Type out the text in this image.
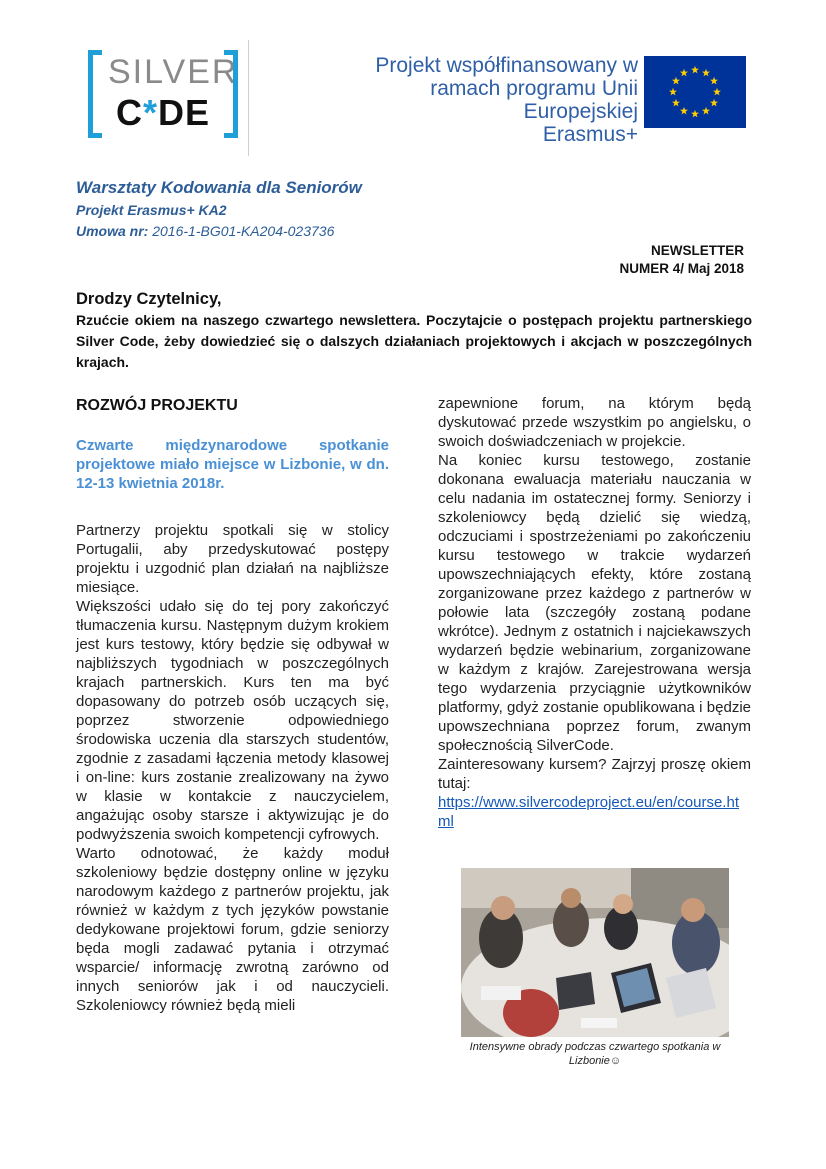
SILVER
C*DE
Projekt współfinansowany w
ramach programu Unii Europejskiej
Erasmus+
Warsztaty Kodowania dla Seniorów
Projekt Erasmus+ KA2
Umowa nr: 2016-1-BG01-KA204-023736
NEWSLETTER
NUMER 4/ Maj 2018
Drodzy Czytelnicy,
Rzućcie okiem na naszego czwartego newslettera. Poczytajcie o postępach projektu partnerskiego Silver Code, żeby dowiedzieć się o dalszych działaniach projektowych i akcjach w poszczególnych krajach.
ROZWÓJ PROJEKTU
Czwarte międzynarodowe spotkanie projektowe miało miejsce w Lizbonie, w dn. 12-13 kwietnia 2018r.

Partnerzy projektu spotkali się w stolicy Portugalii, aby przedyskutować postępy projektu i uzgodnić plan działań na najbliższe miesiące.

Większości udało się do tej pory zakończyć tłumaczenia kursu. Następnym dużym krokiem jest kurs testowy, który będzie się odbywał w najbliższych tygodniach w poszczególnych krajach partnerskich. Kurs ten ma być dopasowany do potrzeb osób uczących się, poprzez stworzenie odpowiedniego środowiska uczenia dla starszych studentów, zgodnie z zasadami łączenia metody klasowej i on-line: kurs zostanie zrealizowany na żywo w klasie w kontakcie z nauczycielem, angażując osoby starsze i aktywizując je do podwyższenia swoich kompetencji cyfrowych.

Warto odnotować, że każdy moduł szkoleniowy będzie dostępny online w języku narodowym każdego z partnerów projektu, jak również w każdym z tych języków powstanie dedykowane projektowi forum, gdzie seniorzy będa mogli zadawać pytania i otrzymać wsparcie/ informację zwrotną zarówno od innych seniorów jak i od nauczycieli. Szkoleniowcy również będą mieli

zapewnione forum, na którym będą dyskutować przede wszystkim po angielsku, o swoich doświadczeniach w projekcie.

Na koniec kursu testowego, zostanie dokonana ewaluacja materiału nauczania w celu nadania im ostatecznej formy. Seniorzy i szkoleniowcy będą dzielić się wiedzą, odczuciami i spostrzeżeniami po zakończeniu kursu testowego w trakcie wydarzeń upowszechniających efekty, które zostaną zorganizowane przez każdego z partnerów w połowie lata (szczegóły zostaną podane wkrótce). Jednym z ostatnich i najciekawszych wydarzeń będzie webinarium, zorganizowane w każdym z krajów. Zarejestrowana wersja tego wydarzenia przyciągnie użytkowników platformy, gdyż zostanie opublikowana i będzie upowszechniana poprzez forum, zwanym społecznością SilverCode.

Zainteresowany kursem? Zajrzyj proszę okiem tutaj:

https://www.silvercodeproject.eu/en/course.html
Intensywne obrady podczas czwartego spotkania w Lizbonie☺
